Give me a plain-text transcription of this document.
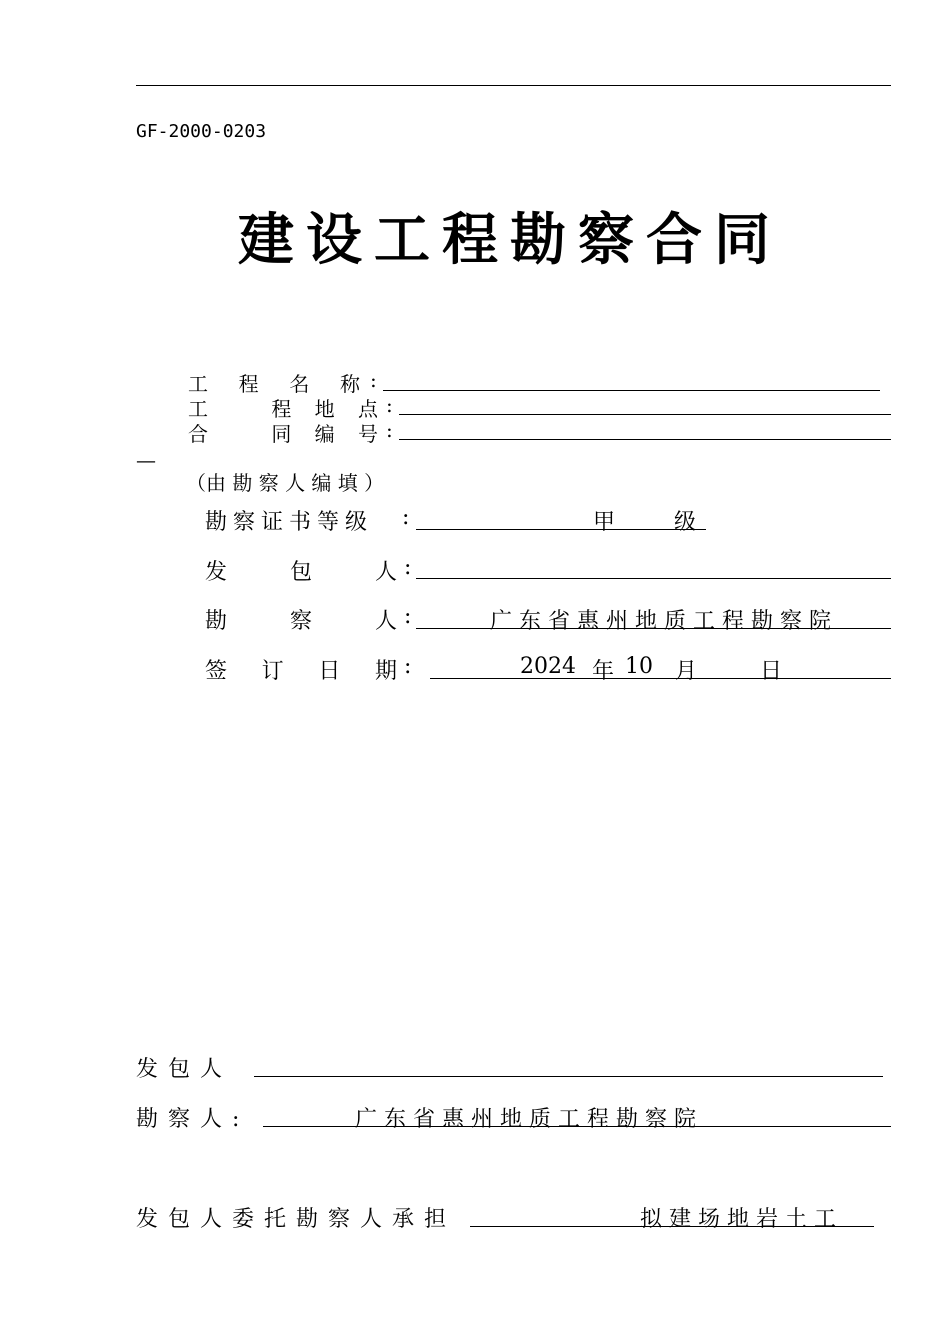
GF-2000-0203
建设工程勘察合同
工 程 名 称 :
工	程 地 点 :
合	同 编 号 :
—
（由 勘 察 人 编 填 ）
勘察证书等级 :	甲	级
发	包	人 :
勘	察	人 :	广东省惠州地质工程勘察院
签 订 日 期 :	2024 年 10 月	日
发包人
勘察人:	广东省惠州地质工程勘察院
发包人委托勘察人承担	拟建场地岩土工
